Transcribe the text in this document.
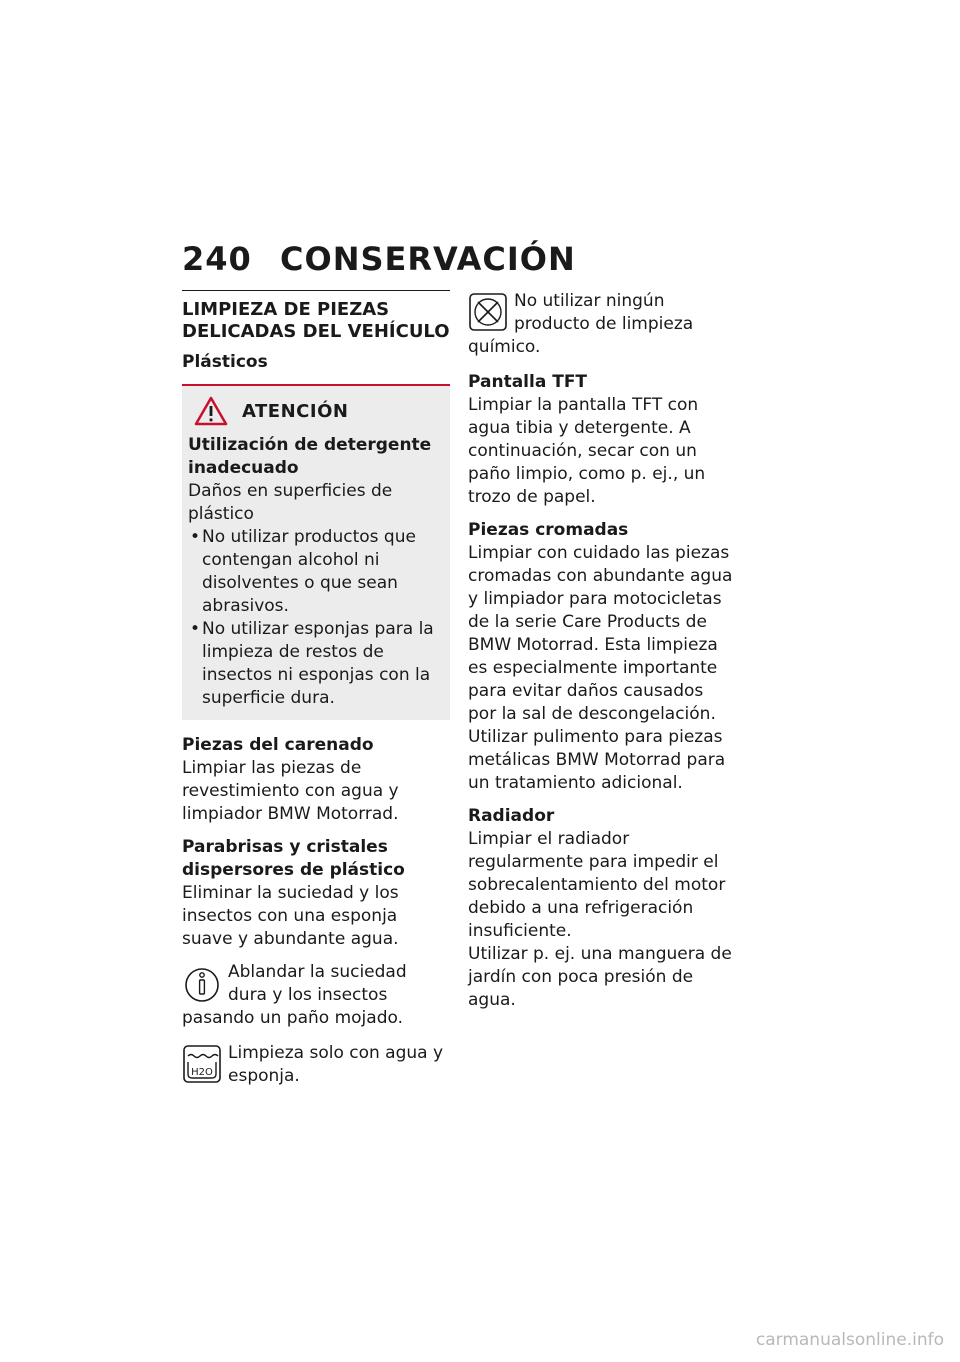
240 CONSERVACIÓN
LIMPIEZA DE PIEZAS DELICADAS DEL VEHÍCULO
Plásticos
ATENCIÓN
Utilización de detergente inadecuado
Daños en superficies de plástico
• No utilizar productos que contengan alcohol ni disolventes o que sean abrasivos.
• No utilizar esponjas para la limpieza de restos de insectos ni esponjas con la superficie dura.
Piezas del carenado
Limpiar las piezas de revestimiento con agua y limpiador BMW Motorrad.
Parabrisas y cristales dispersores de plástico
Eliminar la suciedad y los insectos con una esponja suave y abundante agua.
Ablandar la suciedad dura y los insectos pasando un paño mojado.
H2O
Limpieza solo con agua y esponja.
No utilizar ningún producto de limpieza químico.
Pantalla TFT
Limpiar la pantalla TFT con agua tibia y detergente. A continuación, secar con un paño limpio, como p. ej., un trozo de papel.
Piezas cromadas
Limpiar con cuidado las piezas cromadas con abundante agua y limpiador para motocicletas de la serie Care Products de BMW Motorrad. Esta limpieza es especialmente importante para evitar daños causados por la sal de descongelación.
Utilizar pulimento para piezas metálicas BMW Motorrad para un tratamiento adicional.
Radiador
Limpiar el radiador regularmente para impedir el sobrecalentamiento del motor debido a una refrigeración insuficiente.
Utilizar p. ej. una manguera de jardín con poca presión de agua.
carmanualsonline.info
